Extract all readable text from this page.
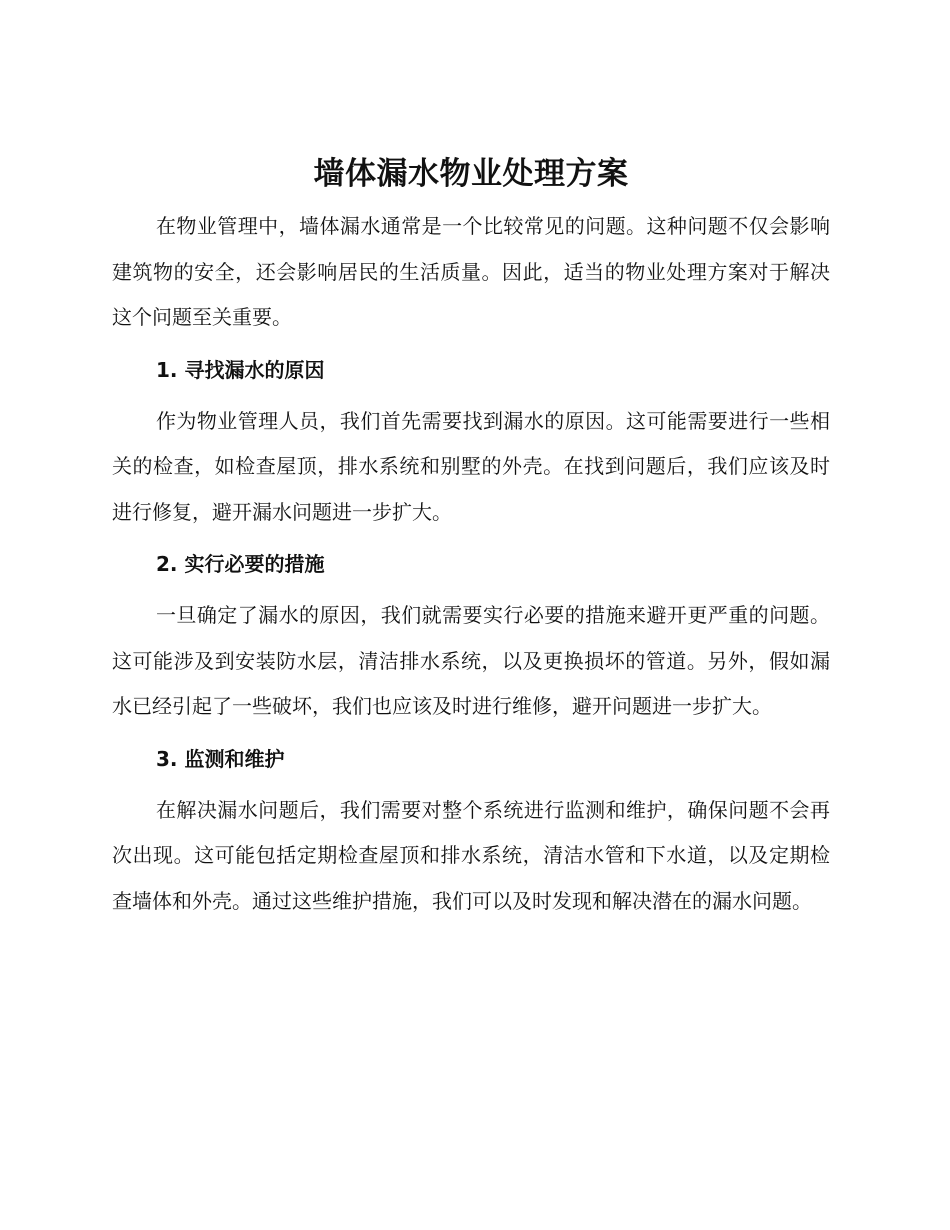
墙体漏水物业处理方案

在物业管理中，墙体漏水通常是一个比较常见的问题。这种问题不仅会影响建筑物的安全，还会影响居民的生活质量。因此，适当的物业处理方案对于解决这个问题至关重要。

1. 寻找漏水的原因

作为物业管理人员，我们首先需要找到漏水的原因。这可能需要进行一些相关的检查，如检查屋顶，排水系统和别墅的外壳。在找到问题后，我们应该及时进行修复，避开漏水问题进一步扩大。

2. 实行必要的措施

一旦确定了漏水的原因，我们就需要实行必要的措施来避开更严重的问题。这可能涉及到安装防水层，清洁排水系统，以及更换损坏的管道。另外，假如漏水已经引起了一些破坏，我们也应该及时进行维修，避开问题进一步扩大。

3. 监测和维护

在解决漏水问题后，我们需要对整个系统进行监测和维护，确保问题不会再次出现。这可能包括定期检查屋顶和排水系统，清洁水管和下水道，以及定期检查墙体和外壳。通过这些维护措施，我们可以及时发现和解决潜在的漏水问题。
